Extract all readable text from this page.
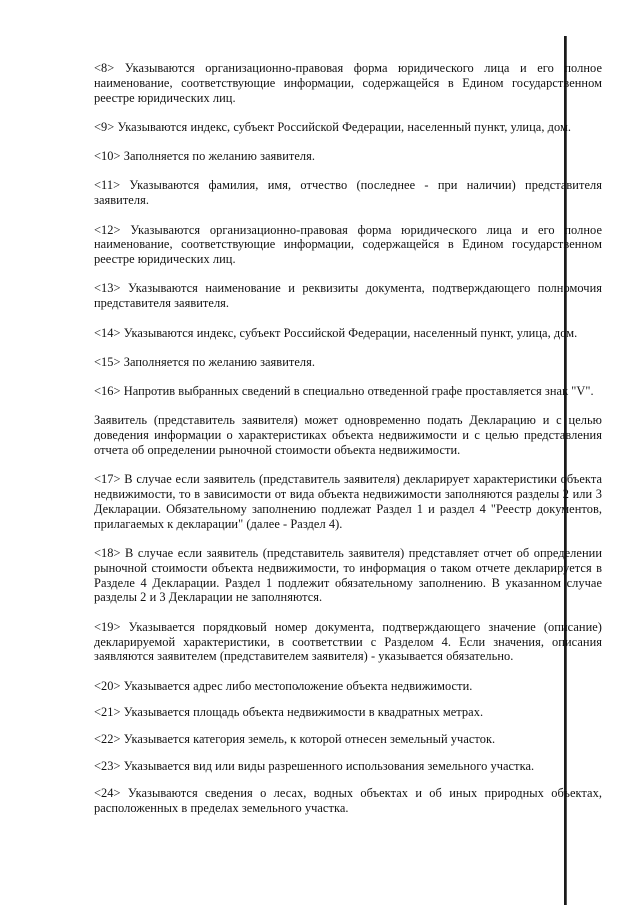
<8> Указываются организационно-правовая форма юридического лица и его полное наименование, соответствующие информации, содержащейся в Едином государственном реестре юридических лиц.

<9> Указываются индекс, субъект Российской Федерации, населенный пункт, улица, дом.

<10> Заполняется по желанию заявителя.

<11> Указываются фамилия, имя, отчество (последнее - при наличии) представителя заявителя.

<12> Указываются организационно-правовая форма юридического лица и его полное наименование, соответствующие информации, содержащейся в Едином государственном реестре юридических лиц.

<13> Указываются наименование и реквизиты документа, подтверждающего полномочия представителя заявителя.

<14> Указываются индекс, субъект Российской Федерации, населенный пункт, улица, дом.

<15> Заполняется по желанию заявителя.

<16> Напротив выбранных сведений в специально отведенной графе проставляется знак "V".

Заявитель (представитель заявителя) может одновременно подать Декларацию и с целью доведения информации о характеристиках объекта недвижимости и с целью представления отчета об определении рыночной стоимости объекта недвижимости.

<17> В случае если заявитель (представитель заявителя) декларирует характеристики объекта недвижимости, то в зависимости от вида объекта недвижимости заполняются разделы 2 или 3 Декларации. Обязательному заполнению подлежат Раздел 1 и раздел 4 "Реестр документов, прилагаемых к декларации" (далее - Раздел 4).

<18> В случае если заявитель (представитель заявителя) представляет отчет об определении рыночной стоимости объекта недвижимости, то информация о таком отчете декларируется в Разделе 4 Декларации. Раздел 1 подлежит обязательному заполнению. В указанном случае разделы 2 и 3 Декларации не заполняются.

<19> Указывается порядковый номер документа, подтверждающего значение (описание) декларируемой характеристики, в соответствии с Разделом 4. Если значения, описания заявляются заявителем (представителем заявителя) - указывается обязательно.

<20> Указывается адрес либо местоположение объекта недвижимости.

<21> Указывается площадь объекта недвижимости в квадратных метрах.

<22> Указывается категория земель, к которой отнесен земельный участок.

<23> Указывается вид или виды разрешенного использования земельного участка.

<24> Указываются сведения о лесах, водных объектах и об иных природных объектах, расположенных в пределах земельного участка.
